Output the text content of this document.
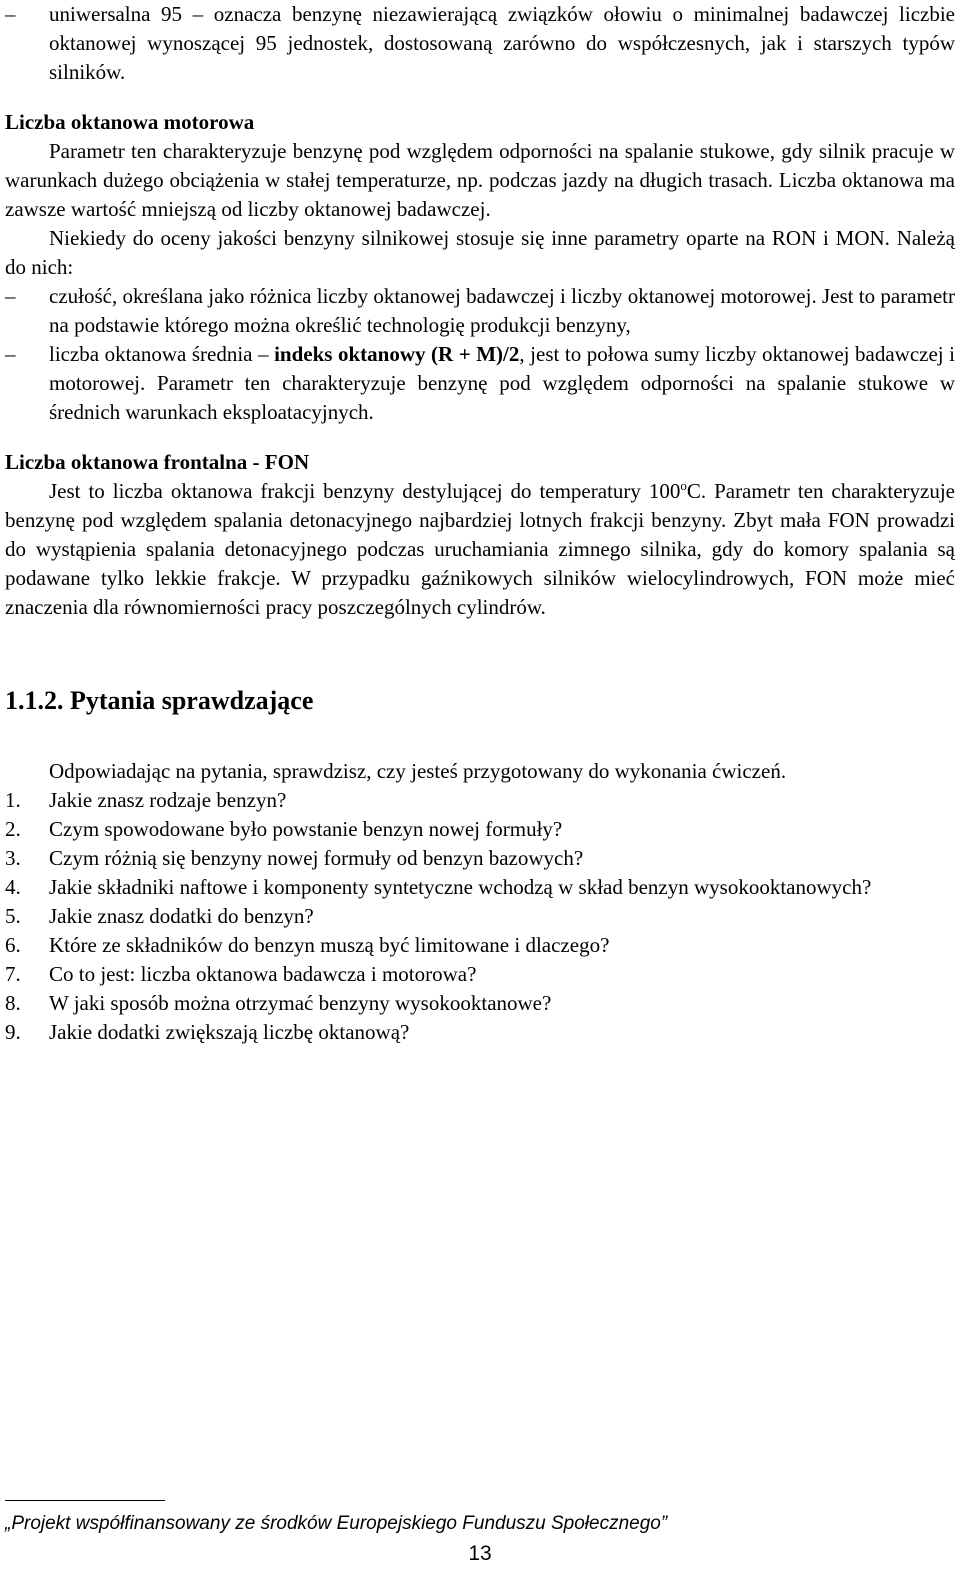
– uniwersalna 95 – oznacza benzynę niezawierającą związków ołowiu o minimalnej badawczej liczbie oktanowej wynoszącej 95 jednostek, dostosowaną zarówno do współczesnych, jak i starszych typów silników.
Liczba oktanowa motorowa

Parametr ten charakteryzuje benzynę pod względem odporności na spalanie stukowe, gdy silnik pracuje w warunkach dużego obciążenia w stałej temperaturze, np. podczas jazdy na długich trasach. Liczba oktanowa ma zawsze wartość mniejszą od liczby oktanowej badawczej.

Niekiedy do oceny jakości benzyny silnikowej stosuje się inne parametry oparte na RON i MON. Należą do nich:

– czułość, określana jako różnica liczby oktanowej badawczej i liczby oktanowej motorowej. Jest to parametr na podstawie którego można określić technologię produkcji benzyny,
– liczba oktanowa średnia – indeks oktanowy (R + M)/2, jest to połowa sumy liczby oktanowej badawczej i motorowej. Parametr ten charakteryzuje benzynę pod względem odporności na spalanie stukowe w średnich warunkach eksploatacyjnych.
Liczba oktanowa frontalna - FON

Jest to liczba oktanowa frakcji benzyny destylującej do temperatury 100$^o$C. Parametr ten charakteryzuje benzynę pod względem spalania detonacyjnego najbardziej lotnych frakcji benzyny. Zbyt mała FON prowadzi do wystąpienia spalania detonacyjnego podczas uruchamiania zimnego silnika, gdy do komory spalania są podawane tylko lekkie frakcje. W przypadku gaźnikowych silników wielocylindrowych, FON może mieć znaczenia dla równomierności pracy poszczególnych cylindrów.

1.1.2. Pytania sprawdzające

Odpowiadając na pytania, sprawdzisz, czy jesteś przygotowany do wykonania ćwiczeń.

1. Jakie znasz rodzaje benzyn?
2. Czym spowodowane było powstanie benzyn nowej formuły?
3. Czym różnią się benzyny nowej formuły od benzyn bazowych?
4. Jakie składniki naftowe i komponenty syntetyczne wchodzą w skład benzyn wysokooktanowych?
5. Jakie znasz dodatki do benzyn?
6. Które ze składników do benzyn muszą być limitowane i dlaczego?
7. Co to jest: liczba oktanowa badawcza i motorowa?
8. W jaki sposób można otrzymać benzyny wysokooktanowe?
9. Jakie dodatki zwiększają liczbę oktanową?
„Projekt współfinansowany ze środków Europejskiego Funduszu Społecznego”
13
